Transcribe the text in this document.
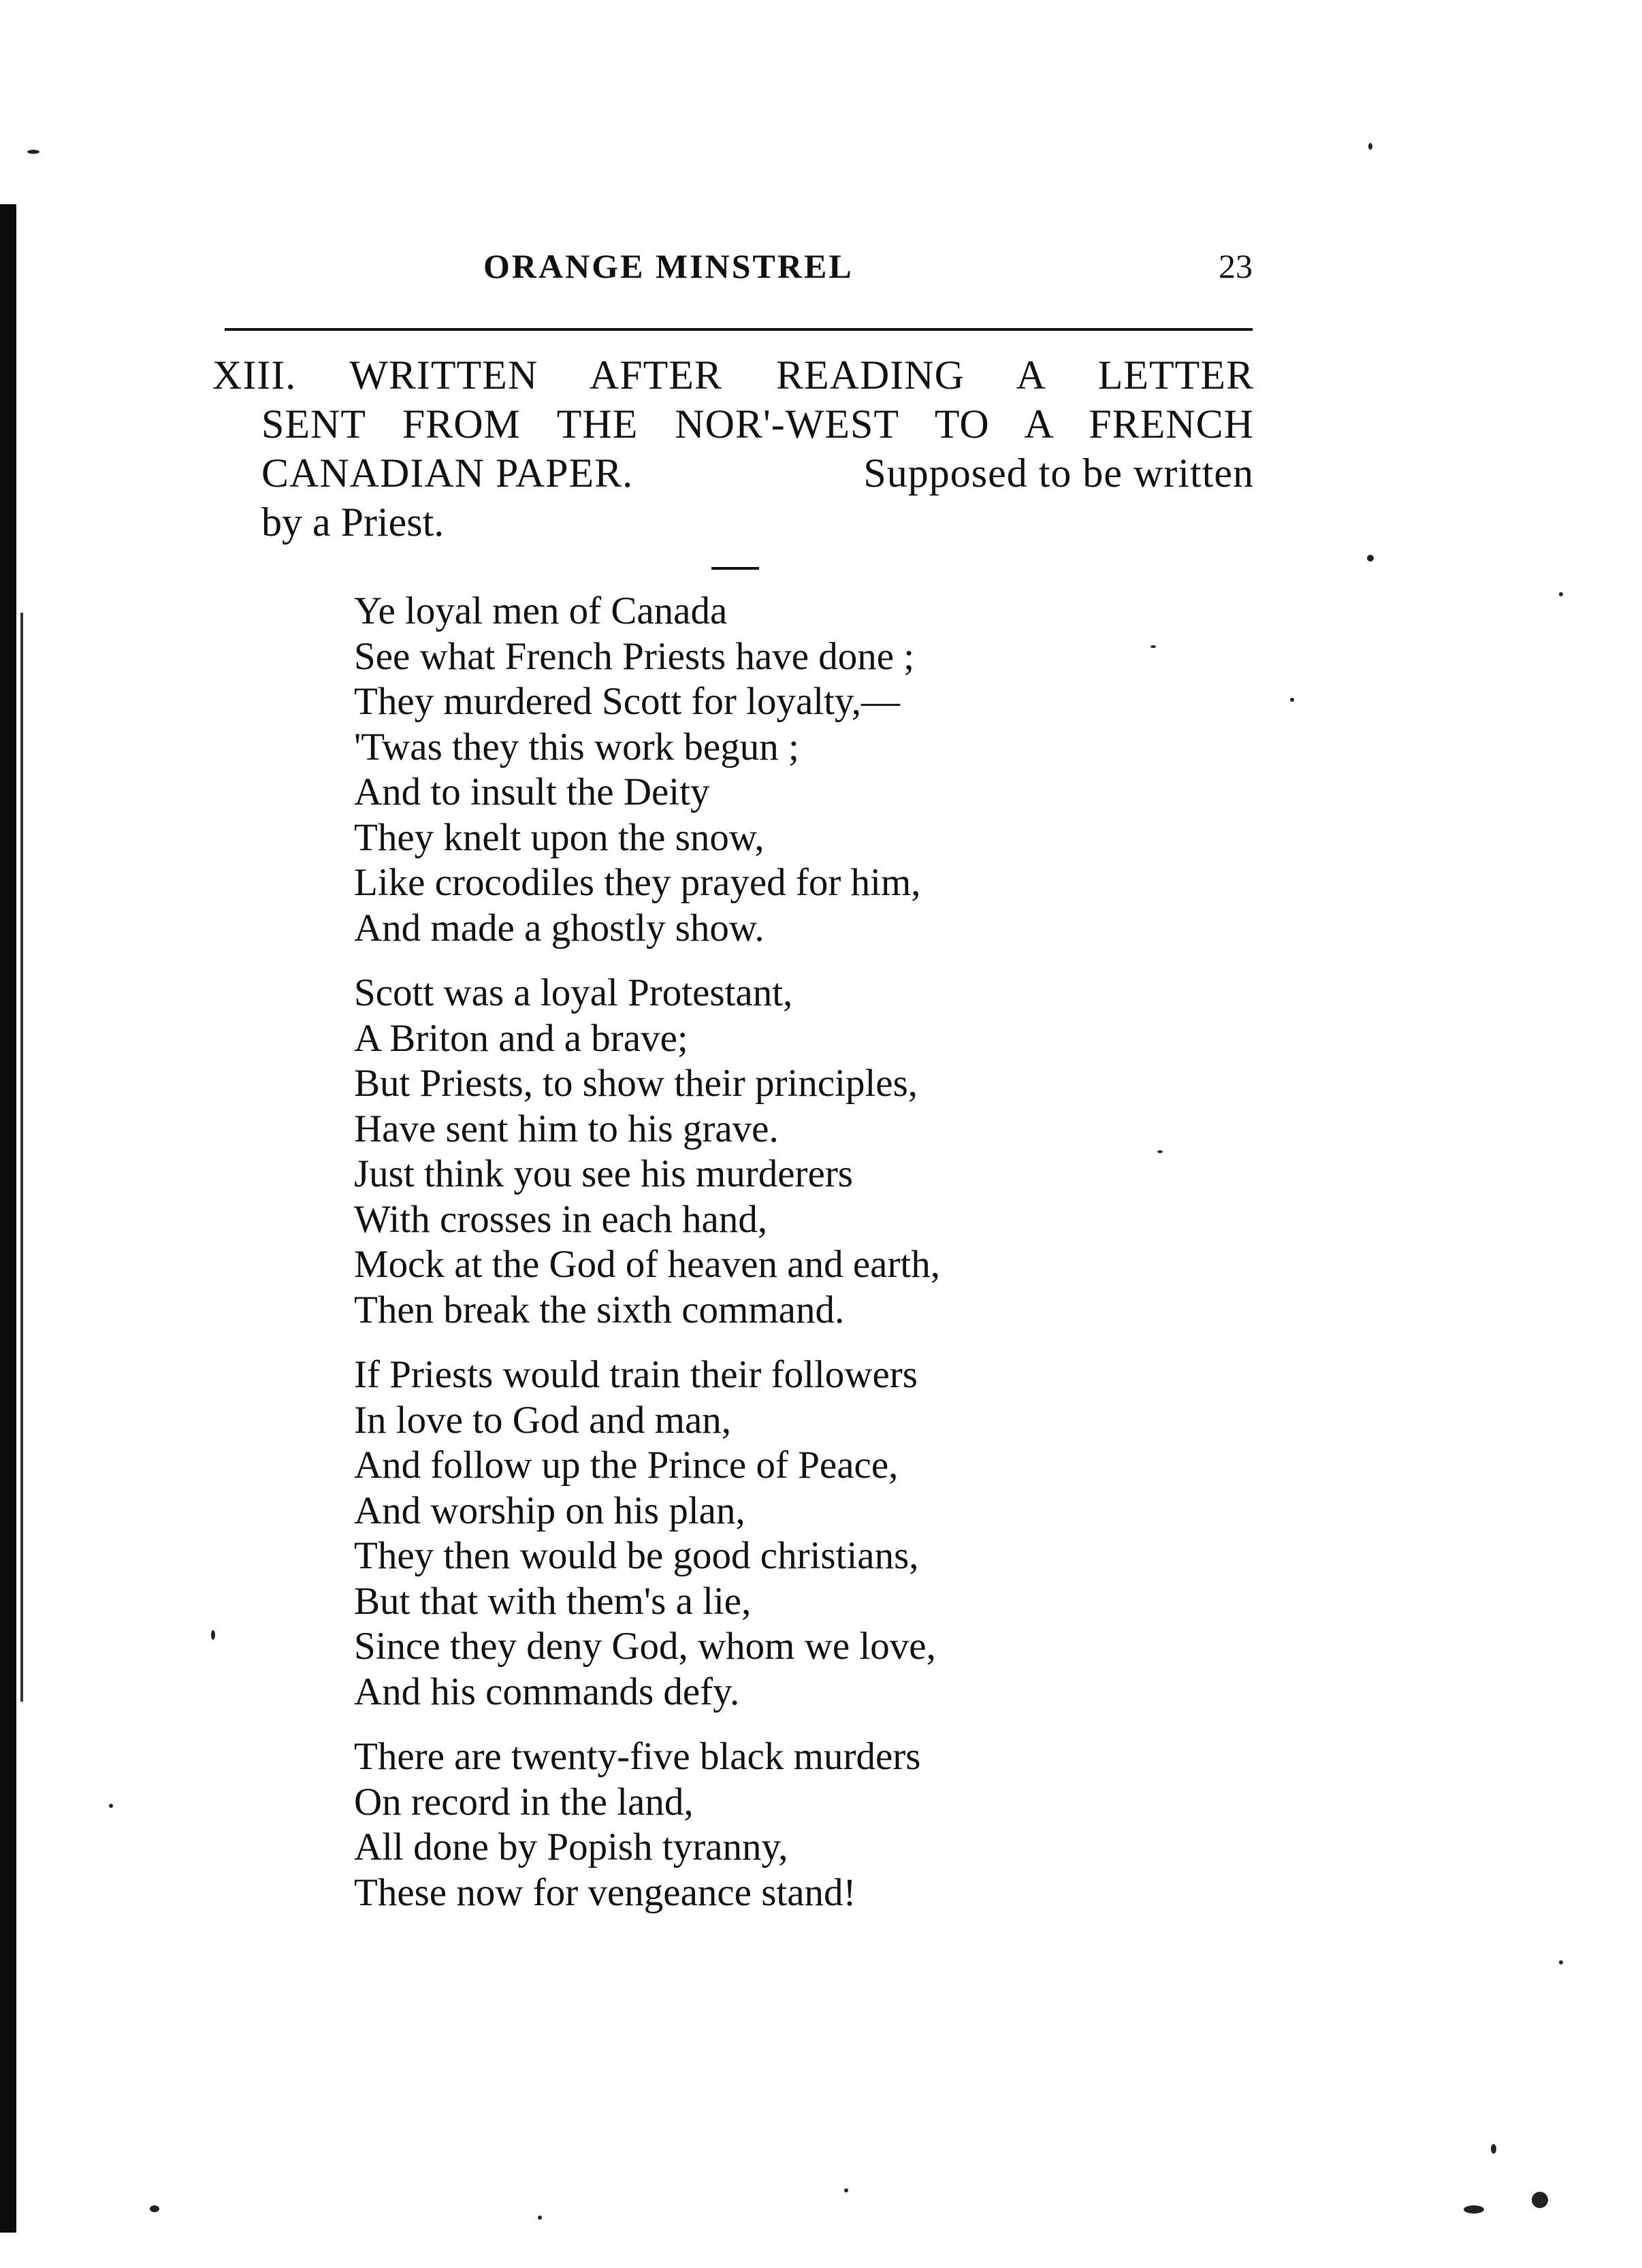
ORANGE MINSTREL	23
XIII. WRITTEN AFTER READING A LETTER
SENT FROM THE NOR'-WEST TO A FRENCH
CANADIAN PAPER.	Supposed to be written
by a Priest.
Ye loyal men of Canada
See what French Priests have done ;
They murdered Scott for loyalty,—
'Twas they this work begun ;
And to insult the Deity
They knelt upon the snow,
Like crocodiles they prayed for him,
And made a ghostly show.
Scott was a loyal Protestant,
A Briton and a brave;
But Priests, to show their principles,
Have sent him to his grave.
Just think you see his murderers
With crosses in each hand,
Mock at the God of heaven and earth,
Then break the sixth command.
If Priests would train their followers
In love to God and man,
And follow up the Prince of Peace,
And worship on his plan,
They then would be good christians,
But that with them's a lie,
Since they deny God, whom we love,
And his commands defy.
There are twenty-five black murders
On record in the land,
All done by Popish tyranny,
These now for vengeance stand!
